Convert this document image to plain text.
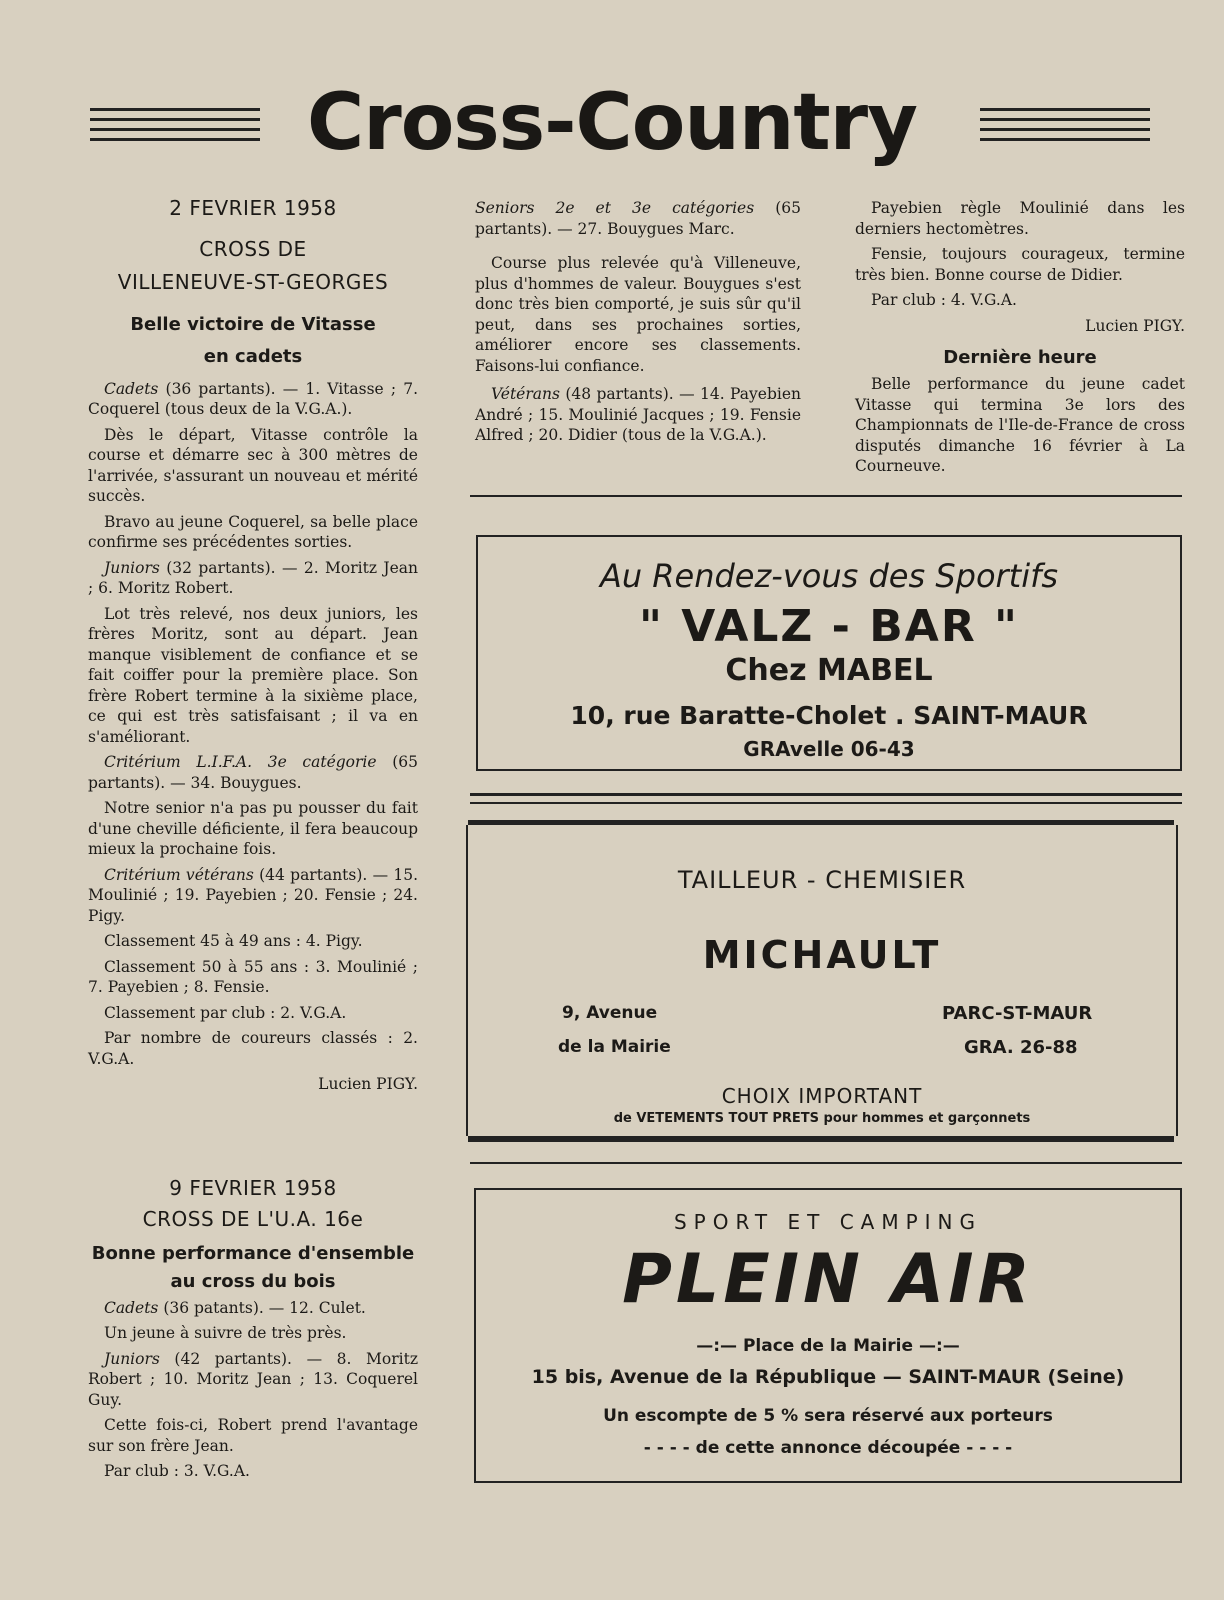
Cross-Country
2 FEVRIER 1958
CROSS DE
VILLENEUVE-ST-GEORGES
Belle victoire de Vitasse
en cadets

Cadets (36 partants). — 1. Vitasse ; 7. Coquerel (tous deux de la V.G.A.).

Dès le départ, Vitasse contrôle la course et démarre sec à 300 mètres de l'arrivée, s'assurant un nouveau et mérité succès.

Bravo au jeune Coquerel, sa belle place confirme ses précédentes sorties.

Juniors (32 partants). — 2. Moritz Jean ; 6. Moritz Robert.

Lot très relevé, nos deux juniors, les frères Moritz, sont au départ. Jean manque visiblement de confiance et se fait coiffer pour la première place. Son frère Robert termine à la sixième place, ce qui est très satisfaisant ; il va en s'améliorant.

Critérium L.I.F.A. 3e catégorie (65 partants). — 34. Bouygues.

Notre senior n'a pas pu pousser du fait d'une cheville déficiente, il fera beaucoup mieux la prochaine fois.

Critérium vétérans (44 partants). — 15. Moulinié ; 19. Payebien ; 20. Fensie ; 24. Pigy.

Classement 45 à 49 ans : 4. Pigy.

Classement 50 à 55 ans : 3. Moulinié ; 7. Payebien ; 8. Fensie.

Classement par club : 2. V.G.A.

Par nombre de coureurs classés : 2. V.G.A.

Lucien PIGY.

9 FEVRIER 1958
CROSS DE L'U.A. 16e
Bonne performance d'ensemble
au cross du bois

Cadets (36 patants). — 12. Culet.

Un jeune à suivre de très près.

Juniors (42 partants). — 8. Moritz Robert ; 10. Moritz Jean ; 13. Coquerel Guy.

Cette fois-ci, Robert prend l'avantage sur son frère Jean.

Par club : 3. V.G.A.

Seniors 2e et 3e catégories (65 partants). — 27. Bouygues Marc.

Course plus relevée qu'à Villeneuve, plus d'hommes de valeur. Bouygues s'est donc très bien comporté, je suis sûr qu'il peut, dans ses prochaines sorties, améliorer encore ses classements. Faisons-lui confiance.

Vétérans (48 partants). — 14. Payebien André ; 15. Moulinié Jacques ; 19. Fensie Alfred ; 20. Didier (tous de la V.G.A.).

Payebien règle Moulinié dans les derniers hectomètres.

Fensie, toujours courageux, termine très bien. Bonne course de Didier.

Par club : 4. V.G.A.

Lucien PIGY.

Dernière heure

Belle performance du jeune cadet Vitasse qui termina 3e lors des Championnats de l'Ile-de-France de cross disputés dimanche 16 février à La Courneuve.

Au Rendez-vous des Sportifs
" VALZ - BAR "
Chez MABEL
10, rue Baratte-Cholet . SAINT-MAUR
GRAvelle 06-43
TAILLEUR - CHEMISIER
MICHAULT
9, Avenue
de la Mairie
PARC-ST-MAUR
GRA. 26-88
CHOIX IMPORTANT
de VETEMENTS TOUT PRETS pour hommes et garçonnets
SPORT ET CAMPING
PLEIN AIR
—:— Place de la Mairie —:—
15 bis, Avenue de la République — SAINT-MAUR (Seine)
Un escompte de 5 % sera réservé aux porteurs
- - - - de cette annonce découpée - - - -
